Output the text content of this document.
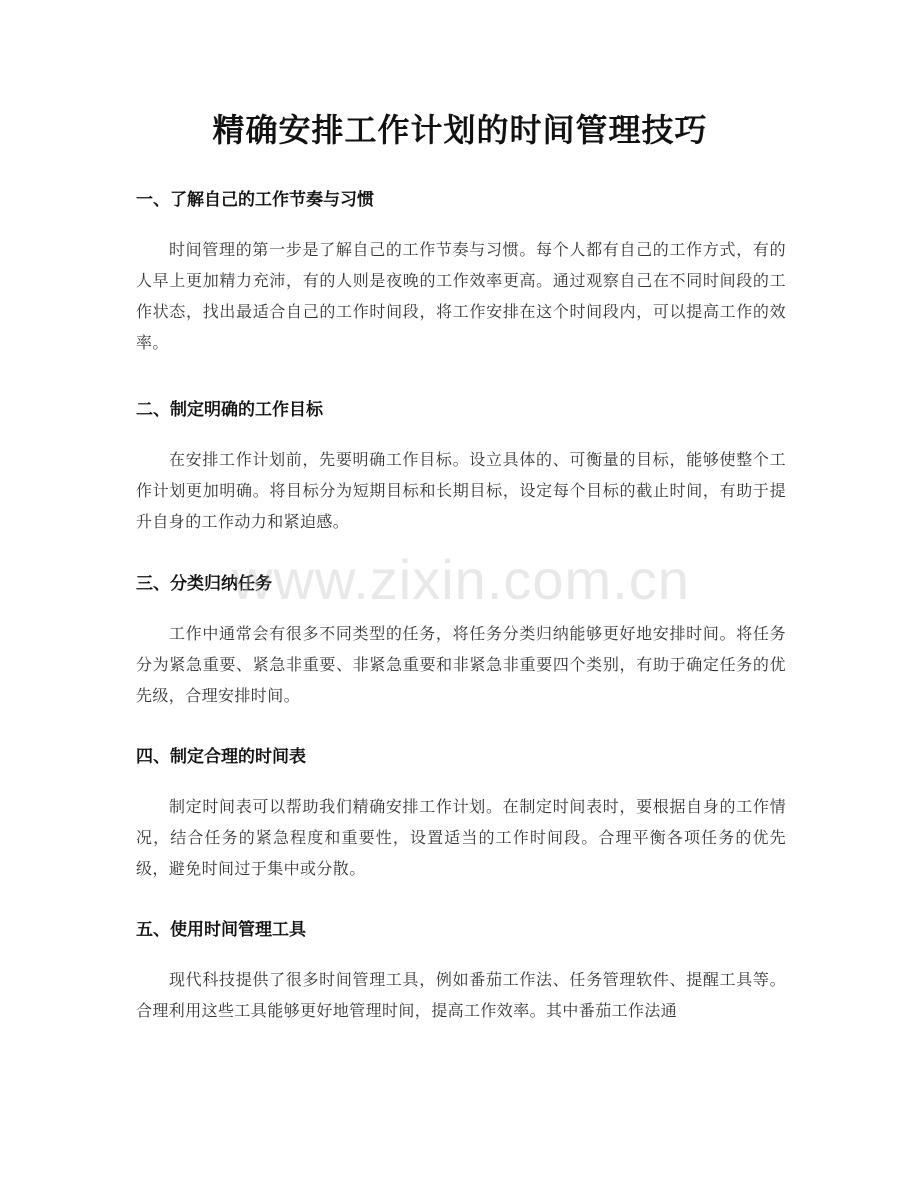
精确安排工作计划的时间管理技巧
一、了解自己的工作节奏与习惯

时间管理的第一步是了解自己的工作节奏与习惯。每个人都有自己的工作方式，有的人早上更加精力充沛，有的人则是夜晚的工作效率更高。通过观察自己在不同时间段的工作状态，找出最适合自己的工作时间段，将工作安排在这个时间段内，可以提高工作的效率。

二、制定明确的工作目标

在安排工作计划前，先要明确工作目标。设立具体的、可衡量的目标，能够使整个工作计划更加明确。将目标分为短期目标和长期目标，设定每个目标的截止时间，有助于提升自身的工作动力和紧迫感。

三、分类归纳任务

工作中通常会有很多不同类型的任务，将任务分类归纳能够更好地安排时间。将任务分为紧急重要、紧急非重要、非紧急重要和非紧急非重要四个类别，有助于确定任务的优先级，合理安排时间。

四、制定合理的时间表

制定时间表可以帮助我们精确安排工作计划。在制定时间表时，要根据自身的工作情况，结合任务的紧急程度和重要性，设置适当的工作时间段。合理平衡各项任务的优先级，避免时间过于集中或分散。

五、使用时间管理工具

现代科技提供了很多时间管理工具，例如番茄工作法、任务管理软件、提醒工具等。合理利用这些工具能够更好地管理时间，提高工作效率。其中番茄工作法通

www.zixin.com.cn
